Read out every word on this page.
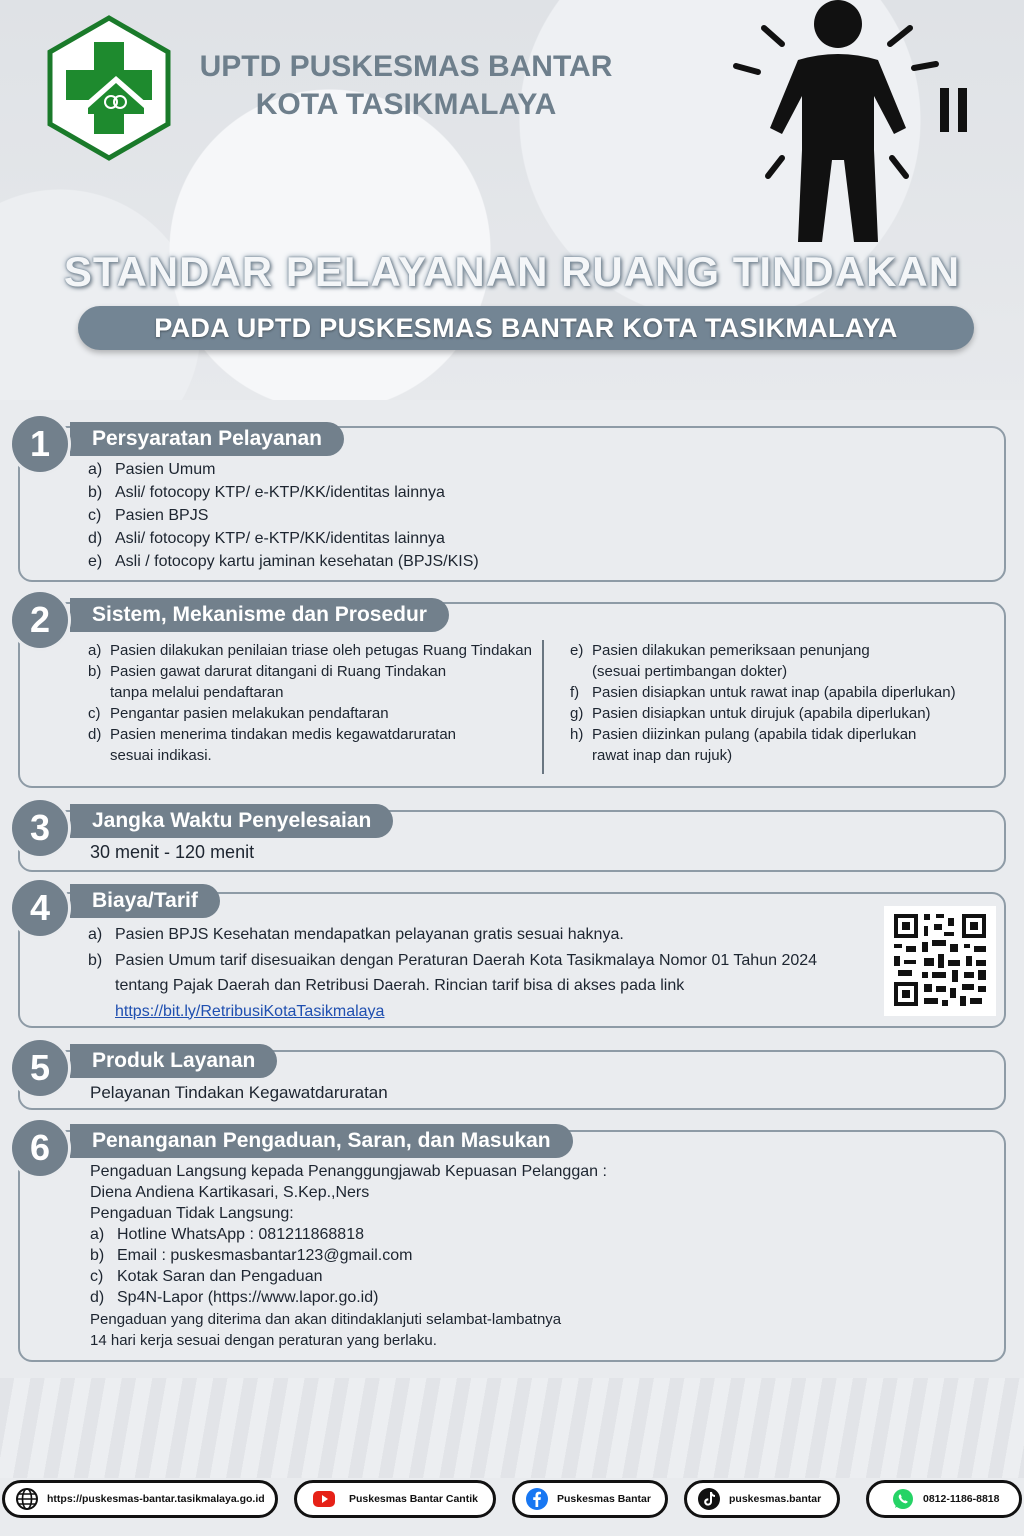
UPTD PUSKESMAS BANTAR
KOTA TASIKMALAYA
STANDAR PELAYANAN RUANG TINDAKAN
PADA UPTD PUSKESMAS BANTAR KOTA TASIKMALAYA
1	Persyaratan Pelayanan
a) Pasien Umum
b) Asli/ fotocopy KTP/ e-KTP/KK/identitas lainnya
c) Pasien BPJS
d) Asli/ fotocopy KTP/ e-KTP/KK/identitas lainnya
e) Asli / fotocopy kartu jaminan kesehatan (BPJS/KIS)
2	Sistem, Mekanisme dan Prosedur
a) Pasien dilakukan penilaian triase oleh petugas Ruang Tindakan
b) Pasien gawat darurat ditangani di Ruang Tindakan
tanpa melalui pendaftaran
c) Pengantar pasien melakukan pendaftaran
d) Pasien menerima tindakan medis kegawatdaruratan
sesuai indikasi.
e) Pasien dilakukan pemeriksaan penunjang
(sesuai pertimbangan dokter)
f) Pasien disiapkan untuk rawat inap (apabila diperlukan)
g) Pasien disiapkan untuk dirujuk (apabila diperlukan)
h) Pasien diizinkan pulang (apabila tidak diperlukan
rawat inap dan rujuk)
3	Jangka Waktu Penyelesaian
30 menit - 120 menit
4	Biaya/Tarif
a) Pasien BPJS Kesehatan mendapatkan pelayanan gratis sesuai haknya.
b) Pasien Umum tarif disesuaikan dengan Peraturan Daerah Kota Tasikmalaya Nomor 01 Tahun 2024
tentang Pajak Daerah dan Retribusi Daerah. Rincian tarif bisa di akses pada link
https://bit.ly/RetribusiKotaTasikmalaya
5	Produk Layanan
Pelayanan Tindakan Kegawatdaruratan
6	Penanganan Pengaduan, Saran, dan Masukan
Pengaduan Langsung kepada Penanggungjawab Kepuasan Pelanggan :
Diena Andiena Kartikasari, S.Kep.,Ners
Pengaduan Tidak Langsung:
a) Hotline WhatsApp : 081211868818
b) Email : puskesmasbantar123@gmail.com
c) Kotak Saran dan Pengaduan
d) Sp4N-Lapor (https://www.lapor.go.id)
Pengaduan yang diterima dan akan ditindaklanjuti selambat-lambatnya
14 hari kerja sesuai dengan peraturan yang berlaku.
https://puskesmas-bantar.tasikmalaya.go.id	Puskesmas Bantar Cantik	Puskesmas Bantar	puskesmas.bantar	0812-1186-8818
